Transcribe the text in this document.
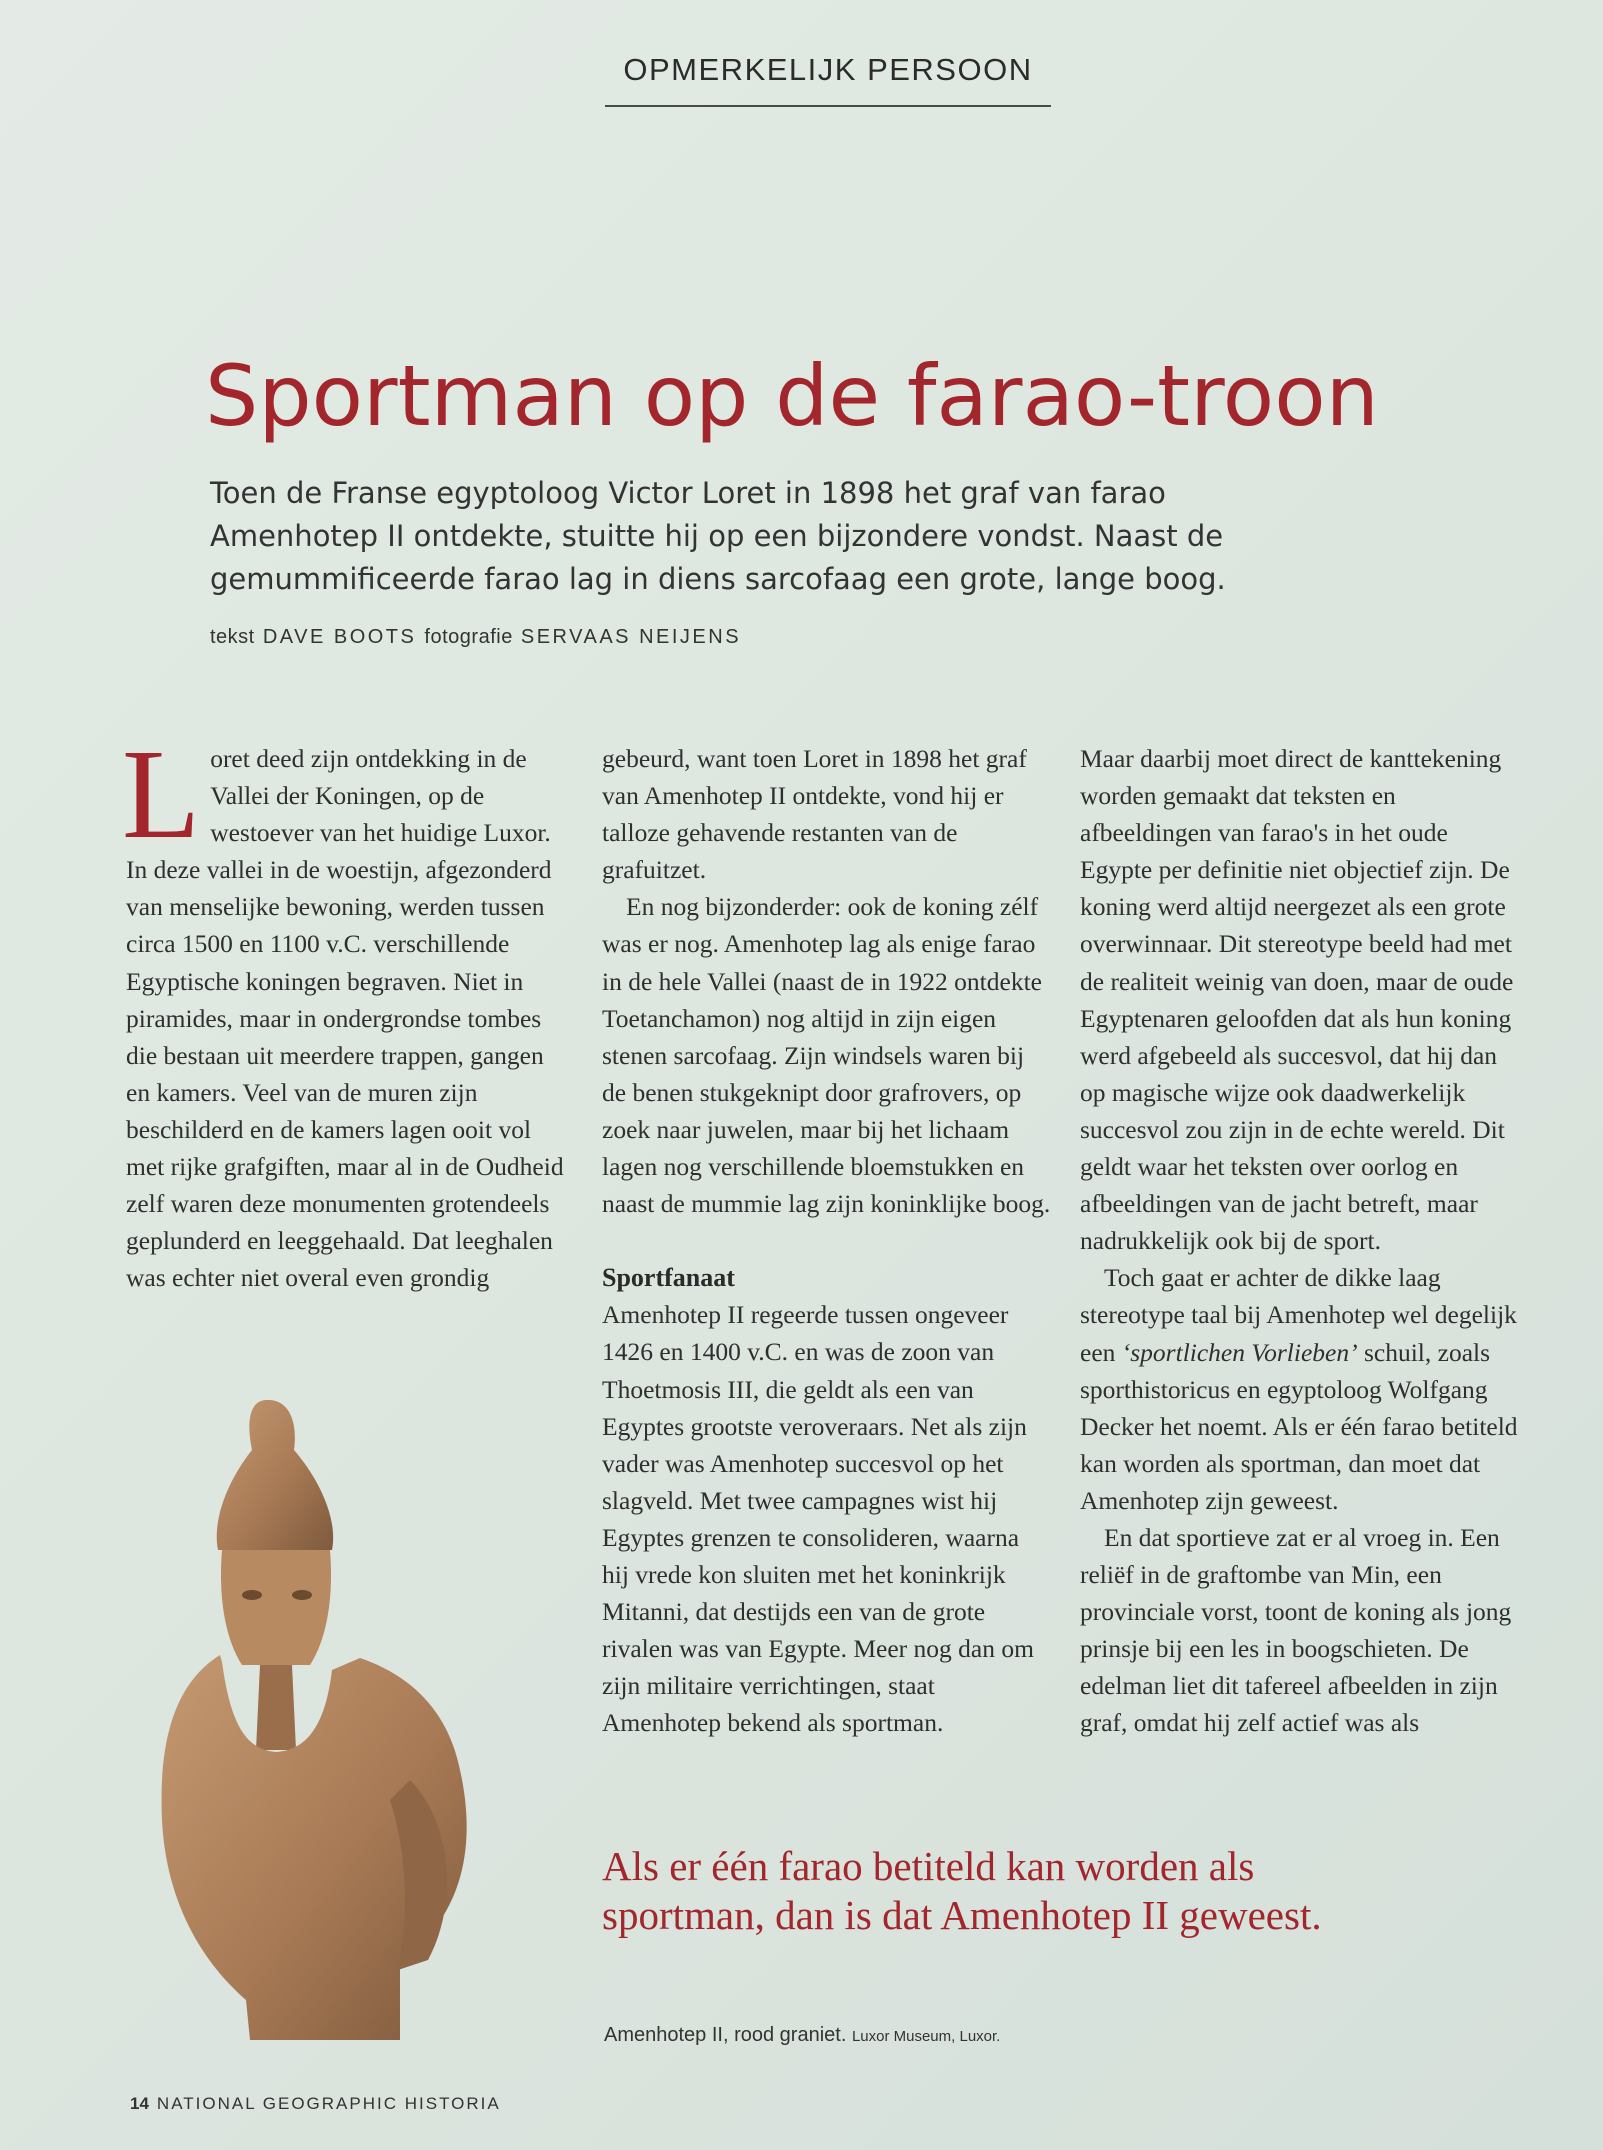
OPMERKELIJK PERSOON
Sportman op de farao-troon
Toen de Franse egyptoloog Victor Loret in 1898 het graf van farao Amenhotep II ontdekte, stuitte hij op een bijzondere vondst. Naast de gemummificeerde farao lag in diens sarcofaag een grote, lange boog.
tekst DAVE BOOTS fotografie SERVAAS NEIJENS

Loret deed zijn ontdekking in de Vallei der Koningen, op de westoever van het huidige Luxor. In deze vallei in de woestijn, afgezonderd van menselijke bewoning, werden tussen circa 1500 en 1100 v.C. verschillende Egyptische koningen begraven. Niet in piramides, maar in ondergrondse tombes die bestaan uit meerdere trappen, gangen en kamers. Veel van de muren zijn beschilderd en de kamers lagen ooit vol met rijke grafgiften, maar al in de Oudheid zelf waren deze monumenten grotendeels geplunderd en leeggehaald. Dat leeghalen was echter niet overal even grondig

gebeurd, want toen Loret in 1898 het graf van Amenhotep II ontdekte, vond hij er talloze gehavende restanten van de grafuitzet.

En nog bijzonderder: ook de koning zélf was er nog. Amenhotep lag als enige farao in de hele Vallei (naast de in 1922 ontdekte Toetanchamon) nog altijd in zijn eigen stenen sarcofaag. Zijn windsels waren bij de benen stukgeknipt door grafrovers, op zoek naar juwelen, maar bij het lichaam lagen nog verschillende bloemstukken en naast de mummie lag zijn koninklijke boog.

Sportfanaat

Amenhotep II regeerde tussen ongeveer 1426 en 1400 v.C. en was de zoon van Thoetmosis III, die geldt als een van Egyptes grootste veroveraars. Net als zijn vader was Amenhotep succesvol op het slagveld. Met twee campagnes wist hij Egyptes grenzen te consolideren, waarna hij vrede kon sluiten met het koninkrijk Mitanni, dat destijds een van de grote rivalen was van Egypte. Meer nog dan om zijn militaire verrichtingen, staat Amenhotep bekend als sportman.

Maar daarbij moet direct de kanttekening worden gemaakt dat teksten en afbeeldingen van farao's in het oude Egypte per definitie niet objectief zijn. De koning werd altijd neergezet als een grote overwinnaar. Dit stereotype beeld had met de realiteit weinig van doen, maar de oude Egyptenaren geloofden dat als hun koning werd afgebeeld als succesvol, dat hij dan op magische wijze ook daadwerkelijk succesvol zou zijn in de echte wereld. Dit geldt waar het teksten over oorlog en afbeeldingen van de jacht betreft, maar nadrukkelijk ook bij de sport.

Toch gaat er achter de dikke laag stereotype taal bij Amenhotep wel degelijk een ‘sportlichen Vorlieben’ schuil, zoals sporthistoricus en egyptoloog Wolfgang Decker het noemt. Als er één farao betiteld kan worden als sportman, dan moet dat Amenhotep zijn geweest.

En dat sportieve zat er al vroeg in. Een reliëf in de graftombe van Min, een provinciale vorst, toont de koning als jong prinsje bij een les in boogschieten. De edelman liet dit tafereel afbeelden in zijn graf, omdat hij zelf actief was als

Als er één farao betiteld kan worden als sportman, dan is dat Amenhotep II geweest.
Amenhotep II, rood graniet. Luxor Museum, Luxor.
14 NATIONAL GEOGRAPHIC HISTORIA
